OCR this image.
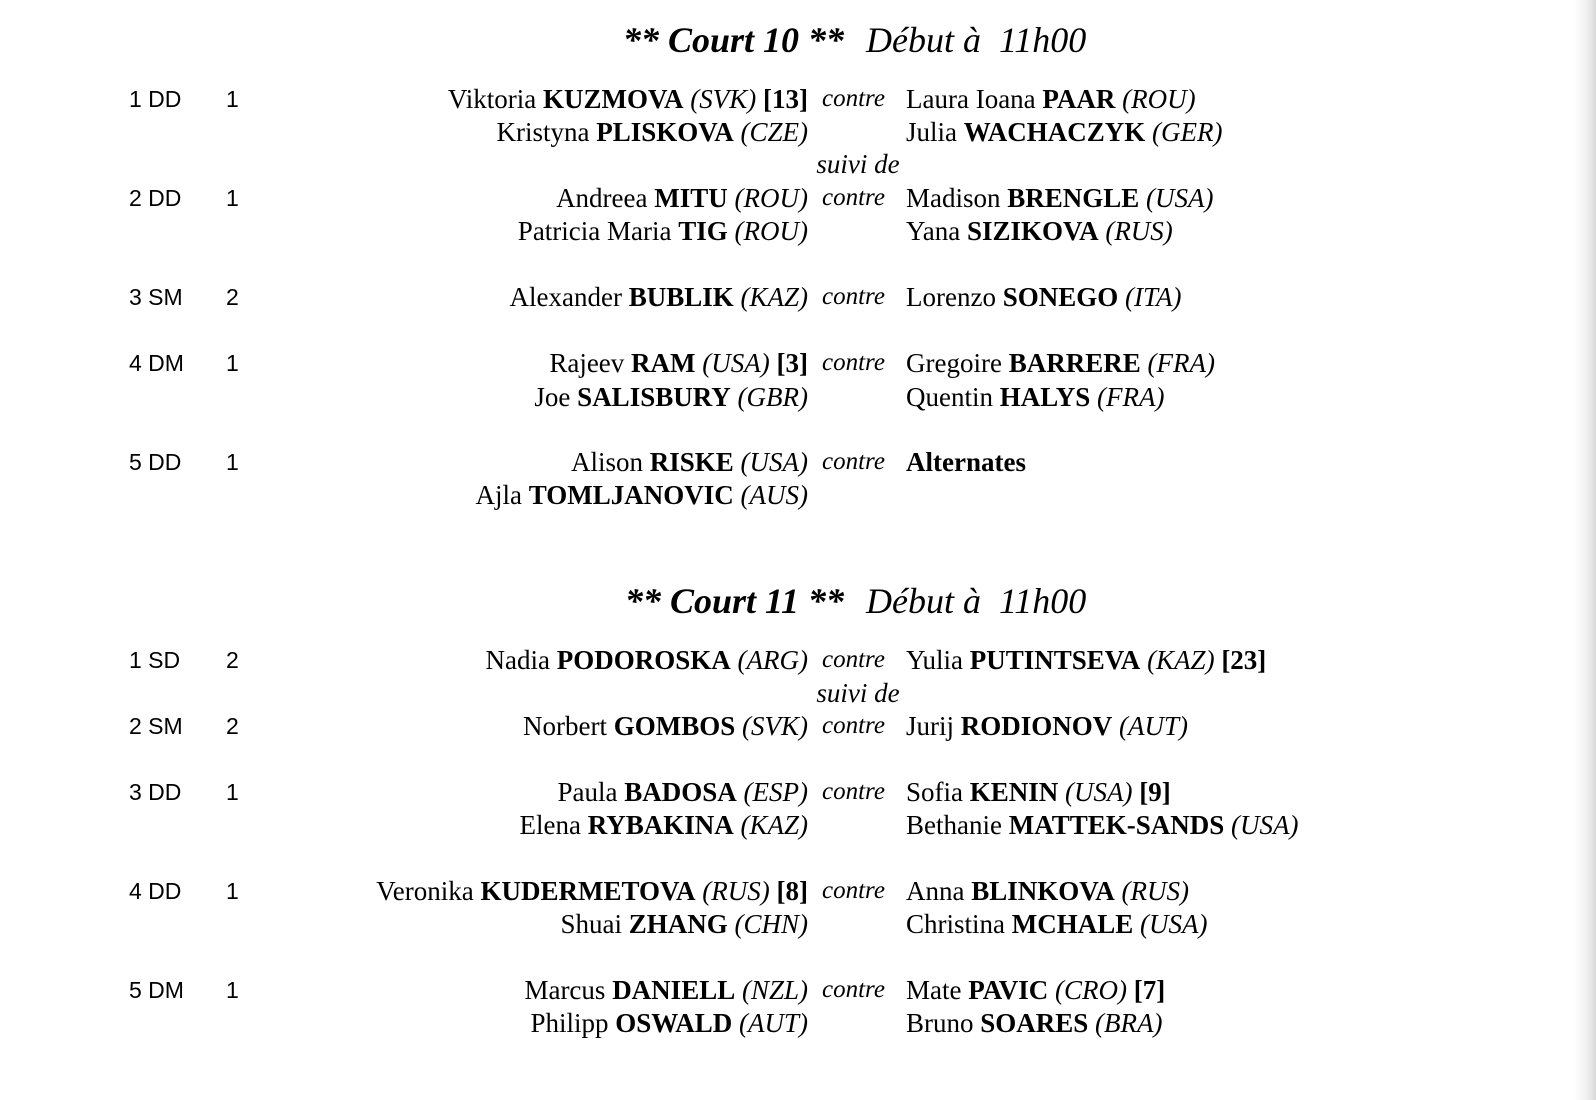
** Court 10 ** Début à  11h00
1 DD 1	contre
Viktoria KUZMOVA (SVK) [13]	Laura Ioana PAAR (ROU)
Kristyna PLISKOVA (CZE)	Julia WACHACZYK (GER)
suivi de
2 DD 1	contre
Andreea MITU (ROU)	Madison BRENGLE (USA)
Patricia Maria TIG (ROU)	Yana SIZIKOVA (RUS)
3 SM 2	contre
Alexander BUBLIK (KAZ)	Lorenzo SONEGO (ITA)
4 DM 1	contre
Rajeev RAM (USA) [3]	Gregoire BARRERE (FRA)
Joe SALISBURY (GBR)	Quentin HALYS (FRA)
5 DD 1	contre
Alison RISKE (USA)	Alternates
Ajla TOMLJANOVIC (AUS)
** Court 11 ** Début à  11h00
1 SD 2	contre
Nadia PODOROSKA (ARG)	Yulia PUTINTSEVA (KAZ) [23]
suivi de
2 SM 2	contre
Norbert GOMBOS (SVK)	Jurij RODIONOV (AUT)
3 DD 1	contre
Paula BADOSA (ESP)	Sofia KENIN (USA) [9]
Elena RYBAKINA (KAZ)	Bethanie MATTEK-SANDS (USA)
4 DD 1	contre
Veronika KUDERMETOVA (RUS) [8]	Anna BLINKOVA (RUS)
Shuai ZHANG (CHN)	Christina MCHALE (USA)
5 DM 1	contre
Marcus DANIELL (NZL)	Mate PAVIC (CRO) [7]
Philipp OSWALD (AUT)	Bruno SOARES (BRA)
